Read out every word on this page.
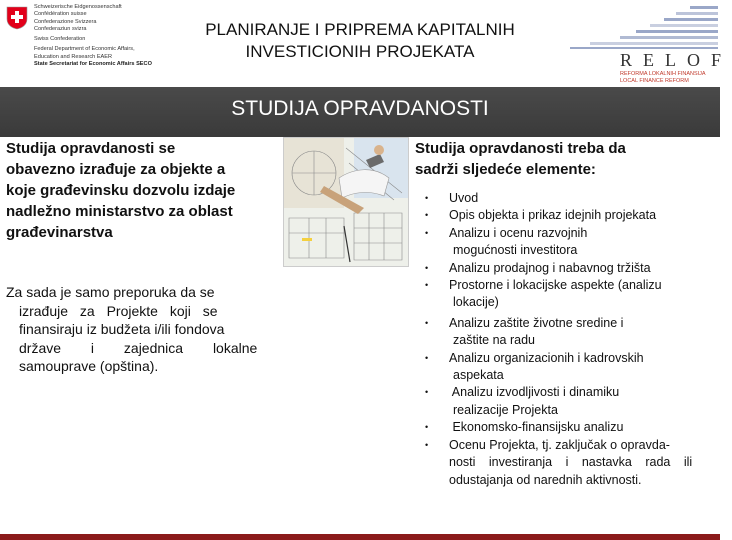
Schweizerische Eidgenossenschaft
Confédération suisse
Confederazione Svizzera
Confederaziun svizra
Swiss Confederation
Federal Department of Economic Affairs,
Education and Research EAER
State Secretariat for Economic Affairs SECO
PLANIRANJE I PRIPREMA KAPITALNIH
INVESTICIONIH PROJEKATA	RELOF
REFORMA LOKALNIH FINANSIJA
LOCAL FINANCE REFORM
STUDIJA OPRAVDANOSTI
Studija opravdanosti se
obavezno izrađuje za objekte a
koje građevinsku dozvolu izdaje
nadležno ministarstvo za oblast
građevinarstva
Za sada je samo preporuka da se
izrađuje za Projekte koji se
finansiraju iz budžeta i/ili fondova
države i zajednica lokalne
samouprave (opština).
Studija opravdanosti treba da
sadrži sljedeće elemente:
• Uvod
• Opis objekta i prikaz idejnih projekata
• Analizu i ocenu razvojnih
mogućnosti investitora
• Analizu prodajnog i nabavnog tržišta
• Prostorne i lokacijske aspekte (analizu
lokacije)
• Analizu zaštite životne sredine i
zaštite na radu
• Analizu organizacionih i kadrovskih
aspekata
• Analizu izvodljivosti i dinamiku
realizacije Projekta
• Ekonomsko-finansijsku analizu
• Ocenu Projekta, tj. zaključak o opravda-
nosti investiranja i nastavka rada ili
odustajanja od narednih aktivnosti.
